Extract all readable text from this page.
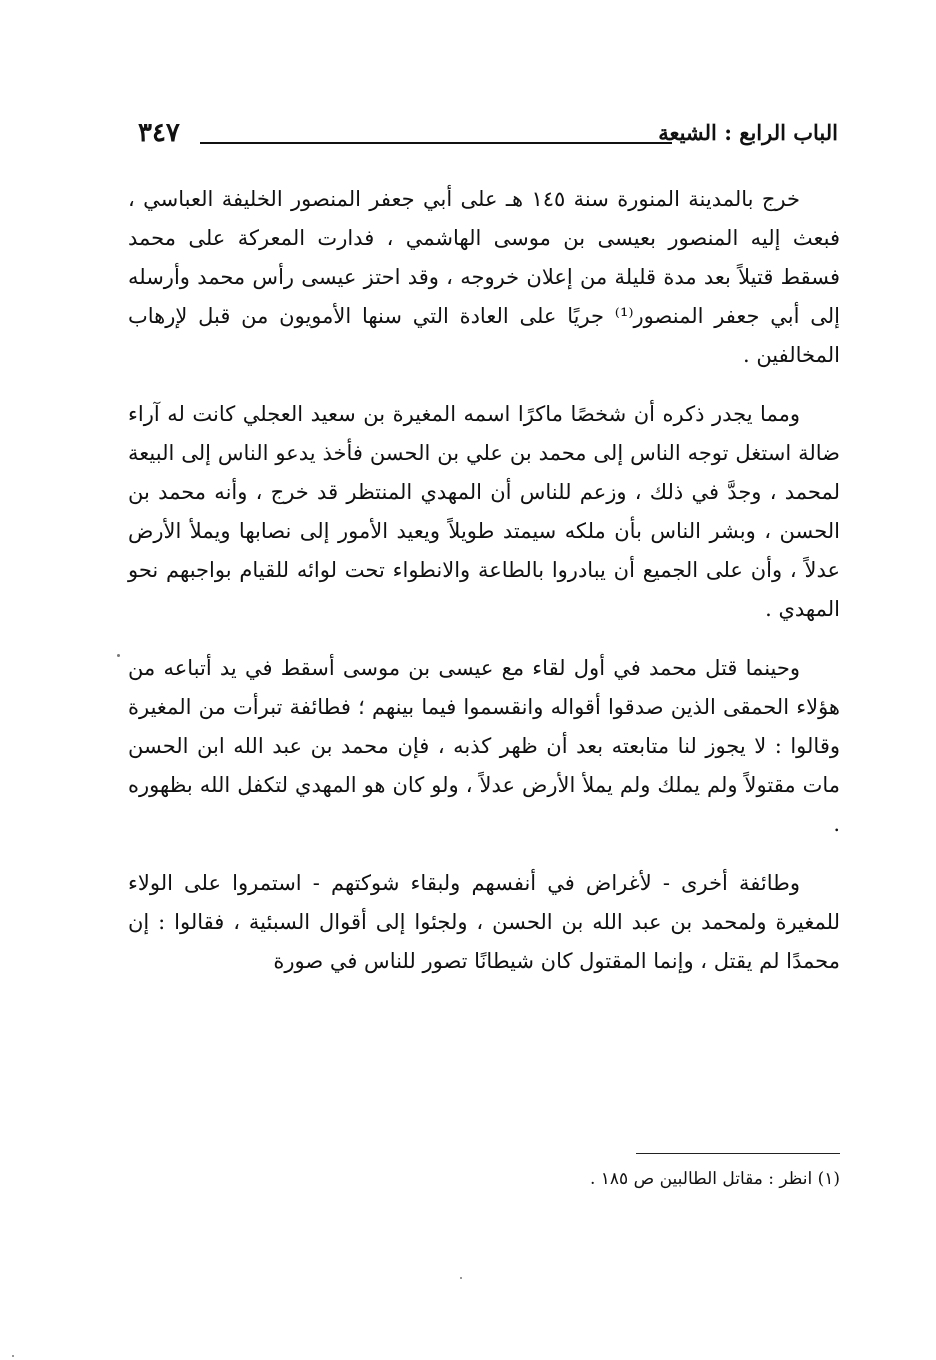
الباب الرابع : الشيعة
٣٤٧

خرج بالمدينة المنورة سنة ١٤٥ هـ على أبي جعفر المنصور الخليفة العباسي ، فبعث إليه المنصور بعيسى بن موسى الهاشمي ، فدارت المعركة على محمد فسقط قتيلاً بعد مدة قليلة من إعلان خروجه ، وقد احتز عيسى رأس محمد وأرسله إلى أبي جعفر المنصور⁽¹⁾ جريًا على العادة التي سنها الأمويون من قبل لإرهاب المخالفين .

ومما يجدر ذكره أن شخصًا ماكرًا اسمه المغيرة بن سعيد العجلي كانت له آراء ضالة استغل توجه الناس إلى محمد بن علي بن الحسن فأخذ يدعو الناس إلى البيعة لمحمد ، وجدَّ في ذلك ، وزعم للناس أن المهدي المنتظر قد خرج ، وأنه محمد بن الحسن ، وبشر الناس بأن ملكه سيمتد طويلاً ويعيد الأمور إلى نصابها ويملأ الأرض عدلاً ، وأن على الجميع أن يبادروا بالطاعة والانطواء تحت لوائه للقيام بواجبهم نحو المهدي .

وحينما قتل محمد في أول لقاء مع عيسى بن موسى أسقط في يد أتباعه من هؤلاء الحمقى الذين صدقوا أقواله وانقسموا فيما بينهم ؛ فطائفة تبرأت من المغيرة وقالوا : لا يجوز لنا متابعته بعد أن ظهر كذبه ، فإن محمد بن عبد الله ابن الحسن مات مقتولاً ولم يملك ولم يملأ الأرض عدلاً ، ولو كان هو المهدي لتكفل الله بظهوره .

وطائفة أخرى - لأغراض في أنفسهم ولبقاء شوكتهم - استمروا على الولاء للمغيرة ولمحمد بن عبد الله بن الحسن ، ولجئوا إلى أقوال السبئية ، فقالوا : إن محمدًا لم يقتل ، وإنما المقتول كان شيطانًا تصور للناس في صورة

(١) انظر : مقاتل الطالبين ص ١٨٥ .
